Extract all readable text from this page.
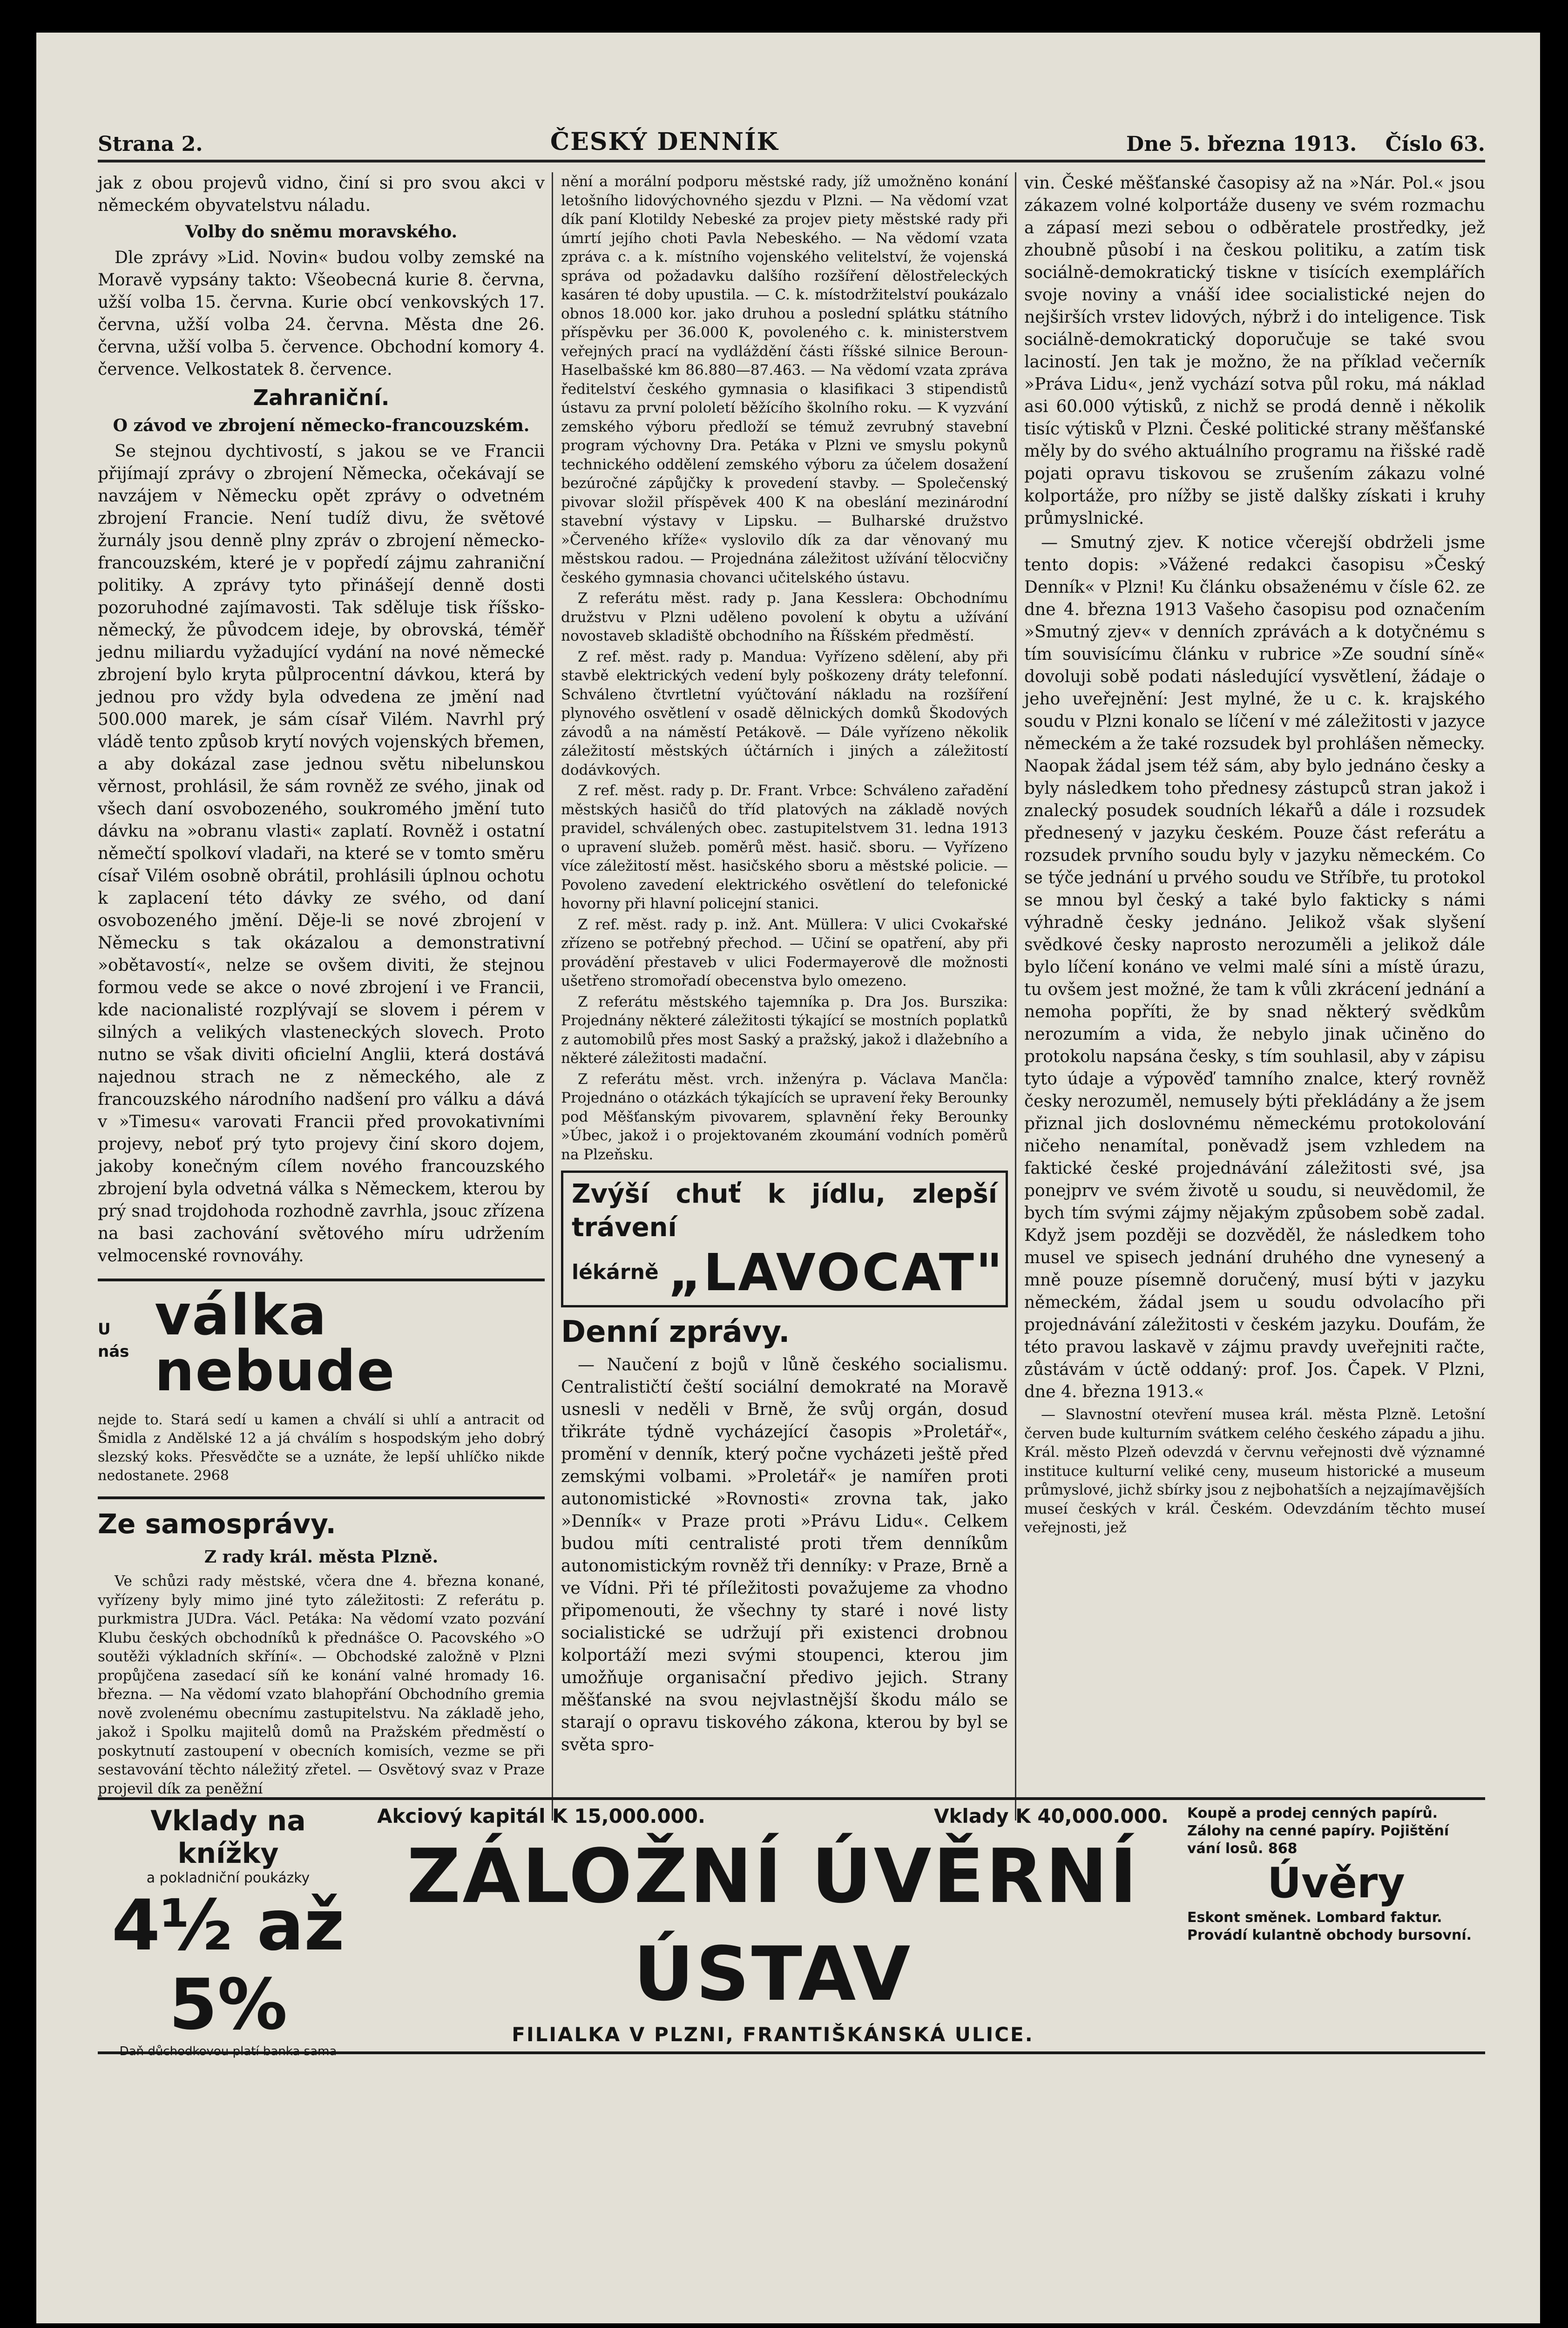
Strana 2.	ČESKÝ DENNÍK	Dne 5. března 1913. Číslo 63.

jak z obou projevů vidno, činí si pro svou akci v německém obyvatelstvu náladu.

Volby do sněmu moravského.

Dle zprávy »Lid. Novin« budou volby zemské na Moravě vypsány takto: Všeobecná kurie 8. června, užší volba 15. června. Kurie obcí venkovských 17. června, užší volba 24. června. Města dne 26. června, užší volba 5. července. Obchodní komory 4. července. Velkostatek 8. července.

Zahraniční.
O závod ve zbrojení německo-francouzském.

Se stejnou dychtivostí, s jakou se ve Francii přijímají zprávy o zbrojení Německa, očekávají se navzájem v Německu opět zprávy o odvetném zbrojení Francie. Není tudíž divu, že světové žurnály jsou denně plny zpráv o zbrojení německo-francouzském, které je v popředí zájmu zahraniční politiky. A zprávy tyto přinášejí denně dosti pozoruhodné zajímavosti. Tak sděluje tisk říšsko-německý, že původcem ideje, by obrovská, téměř jednu miliardu vyžadující vydání na nové německé zbrojení bylo kryta půlprocentní dávkou, která by jednou pro vždy byla odvedena ze jmění nad 500.000 marek, je sám císař Vilém. Navrhl prý vládě tento způsob krytí nových vojenských břemen, a aby dokázal zase jednou světu nibelunskou věrnost, prohlásil, že sám rovněž ze svého, jinak od všech daní osvobozeného, soukromého jmění tuto dávku na »obranu vlasti« zaplatí. Rovněž i ostatní němečtí spolkoví vladaři, na které se v tomto směru císař Vilém osobně obrátil, prohlásili úplnou ochotu k zaplacení této dávky ze svého, od daní osvobozeného jmění. Děje-li se nové zbrojení v Německu s tak okázalou a demonstrativní »obětavostí«, nelze se ovšem diviti, že stejnou formou vede se akce o nové zbrojení i ve Francii, kde nacionalisté rozplývají se slovem i pérem v silných a velikých vlasteneckých slovech. Proto nutno se však diviti oficielní Anglii, která dostává najednou strach ne z německého, ale z francouzského národního nadšení pro válku a dává v »Timesu« varovati Francii před provokativními projevy, neboť prý tyto projevy činí skoro dojem, jakoby konečným cílem nového francouzského zbrojení byla odvetná válka s Německem, kterou by prý snad trojdohoda rozhodně zavrhla, jsouc zřízena na basi zachování světového míru udržením velmocenské rovnováhy.

U nás
válka nebude

nejde to. Stará sedí u kamen a chválí si uhlí a antracit od Šmidla z Andělské 12 a já chválím s hospodským jeho dobrý slezský koks. Přesvědčte se a uznáte, že lepší uhlíčko nikde nedostanete. 2968

Ze samosprávy.
Z rady král. města Plzně.

Ve schůzi rady městské, včera dne 4. března konané, vyřízeny byly mimo jiné tyto záležitosti: Z referátu p. purkmistra JUDra. Václ. Petáka: Na vědomí vzato pozvání Klubu českých obchodníků k přednášce O. Pacovského »O soutěži výkladních skříní«. — Obchodské založně v Plzni propůjčena zasedací síň ke konání valné hromady 16. března. — Na vědomí vzato blahopřání Obchodního gremia nově zvolenému obecnímu zastupitelstvu. Na základě jeho, jakož i Spolku majitelů domů na Pražském předměstí o poskytnutí zastoupení v obecních komisích, vezme se při sestavování těchto náležitý zřetel. — Osvětový svaz v Praze projevil dík za peněžní

nění a morální podporu městské rady, jíž umožněno konání letošního lidovýchovného sjezdu v Plzni. — Na vědomí vzat dík paní Klotildy Nebeské za projev piety městské rady při úmrtí jejího choti Pavla Nebeského. — Na vědomí vzata zpráva c. a k. místního vojenského velitelství, že vojenská správa od požadavku dalšího rozšíření dělostřeleckých kasáren té doby upustila. — C. k. místodržitelství poukázalo obnos 18.000 kor. jako druhou a poslední splátku státního příspěvku per 36.000 K, povoleného c. k. ministerstvem veřejných prací na vydláždění části říšské silnice Beroun-Haselbašské km 86.880—87.463. — Na vědomí vzata zpráva ředitelství českého gymnasia o klasifikaci 3 stipendistů ústavu za první pololetí běžícího školního roku. — K vyzvání zemského výboru předloží se témuž zevrubný stavební program výchovny Dra. Petáka v Plzni ve smyslu pokynů technického oddělení zemského výboru za účelem dosažení bezúročné zápůjčky k provedení stavby. — Společenský pivovar složil příspěvek 400 K na obeslání mezinárodní stavební výstavy v Lipsku. — Bulharské družstvo »Červeného kříže« vyslovilo dík za dar věnovaný mu městskou radou. — Projednána záležitost užívání tělocvičny českého gymnasia chovanci učitelského ústavu.

Z referátu měst. rady p. Jana Kesslera: Obchodnímu družstvu v Plzni uděleno povolení k obytu a užívání novostaveb skladiště obchodního na Říšském předměstí.

Z ref. měst. rady p. Manduа: Vyřízeno sdělení, aby při stavbě elektrických vedení byly poškozeny dráty telefonní. Schváleno čtvrtletní vyúčtování nákladu na rozšíření plynového osvětlení v osadě dělnických domků Škodových závodů a na náměstí Petákově. — Dále vyřízeno několik záležitostí městských účtárních i jiných a záležitostí dodávkových.

Z ref. měst. rady p. Dr. Frant. Vrbce: Schváleno zařadění městských hasičů do tříd platových na základě nových pravidel, schválených obec. zastupitelstvem 31. ledna 1913 o upravení služeb. poměrů měst. hasič. sboru. — Vyřízeno více záležitostí měst. hasičského sboru a městské policie. — Povoleno zavedení elektrického osvětlení do telefonické hovorny při hlavní policejní stanici.

Z ref. měst. rady p. inž. Ant. Müllera: V ulici Cvokařské zřízeno se potřebný přechod. — Učiní se opatření, aby při provádění přestaveb v ulici Fodermayerově dle možnosti ušetřeno stromořadí obecenstva bylo omezeno.

Z referátu městského tajemníka p. Dra Jos. Burszika: Projednány některé záležitosti týkající se mostních poplatků z automobilů přes most Saský a pražský, jakož i dlažebního a některé záležitosti madační.

Z referátu měst. vrch. inženýra p. Václava Mančla: Projednáno o otázkách týkajících se upravení řeky Berounky pod Měšťanským pivovarem, splavnění řeky Berounky »Úbec, jakož i o projektovaném zkoumání vodních poměrů na Plzeňsku.

Zvýší chuť k jídlu, zlepší trávení
lékárně „LAVOCAT"
Denní zprávy.

— Naučení z bojů v lůně českého socialismu. Centralističtí čeští sociální demokraté na Moravě usnesli v neděli v Brně, že svůj orgán, dosud třikráte týdně vycházející časopis »Proletář«, promění v denník, který počne vycházeti ještě před zemskými volbami. »Proletář« je namířen proti autonomistické »Rovnosti« zrovna tak, jako »Denník« v Praze proti »Právu Lidu«. Celkem budou míti centralisté proti třem denníkům autonomistickým rovněž tři denníky: v Praze, Brně a ve Vídni. Při té příležitosti považujeme za vhodno připomenouti, že všechny ty staré i nové listy socialistické se udržují při existenci drobnou kolportáží mezi svými stoupenci, kterou jim umožňuje organisační předivo jejich. Strany měšťanské na svou nejvlastnější škodu málo se starají o opravu tiskového zákona, kterou by byl se světa spro-

vin. České měšťanské časopisy až na »Nár. Pol.« jsou zákazem volné kolportáže duseny ve svém rozmachu a zápasí mezi sebou o odběratele prostředky, jež zhoubně působí i na českou politiku, a zatím tisk sociálně-demokratický tiskne v tisících exemplářích svoje noviny a vnáší idee socialistické nejen do nejširších vrstev lidových, nýbrž i do inteligence. Tisk sociálně-demokratický doporučuje se také svou laciností. Jen tak je možno, že na příklad večerník »Práva Lidu«, jenž vychází sotva půl roku, má náklad asi 60.000 výtisků, z nichž se prodá denně i několik tisíc výtisků v Plzni. České politické strany měšťanské měly by do svého aktuálního programu na řišské radě pojati opravu tiskovou se zrušením zákazu volné kolportáže, pro nížby se jistě dalšky získati i kruhy průmyslnické.

— Smutný zjev. K notice včerejší obdrželi jsme tento dopis: »Vážené redakci časopisu »Český Denník« v Plzni! Ku článku obsaženému v čísle 62. ze dne 4. března 1913 Vašeho časopisu pod označením »Smutný zjev« v denních zprávách a k dotyčnému s tím souvisícímu článku v rubrice »Ze soudní síně« dovoluji sobě podati následující vysvětlení, žádaje o jeho uveřejnění: Jest mylné, že u c. k. krajského soudu v Plzni konalo se líčení v mé záležitosti v jazyce německém a že také rozsudek byl prohlášen německy. Naopak žádal jsem též sám, aby bylo jednáno česky a byly následkem toho přednesy zástupců stran jakož i znalecký posudek soudních lékařů a dále i rozsudek přednesený v jazyku českém. Pouze část referátu a rozsudek prvního soudu byly v jazyku německém. Co se týče jednání u prvého soudu ve Stříbře, tu protokol se mnou byl český a také bylo fakticky s námi výhradně česky jednáno. Jelikož však slyšení svědkové česky naprosto nerozuměli a jelikož dále bylo líčení konáno ve velmi malé síni a místě úrazu, tu ovšem jest možné, že tam k vůli zkrácení jednání a nemoha popříti, že by snad některý svědkům nerozumím a vida, že nebylo jinak učiněno do protokolu napsána česky, s tím souhlasil, aby v zápisu tyto údaje a výpověď tamního znalce, který rovněž česky nerozuměl, nemusely býti překládány a že jsem přiznal jich doslovnému německému protokolování ničeho nenamítal, poněvadž jsem vzhledem na faktické české projednávání záležitosti své, jsa ponejprv ve svém životě u soudu, si neuvědomil, že bych tím svými zájmy nějakým způsobem sobě zadal. Když jsem později se dozvěděl, že následkem toho musel ve spisech jednání druhého dne vynesený a mně pouze písemně doručený, musí býti v jazyku německém, žádal jsem u soudu odvolacího při projednávání záležitosti v českém jazyku. Doufám, že této pravou laskavě v zájmu pravdy uveřejniti račte, zůstávám v úctě oddaný: prof. Jos. Čapek. V Plzni, dne 4. března 1913.«

— Slavnostní otevření musea král. města Plzně. Letošní červen bude kulturním svátkem celého českého západu a jihu. Král. město Plzeň odevzdá v červnu veřejnosti dvě významné instituce kulturní veliké ceny, museum historické a museum průmyslové, jichž sbírky jsou z nejbohatších a nejzajímavějších museí českých v král. Českém. Odevzdáním těchto museí veřejnosti, jež

Vklady na knížky
a pokladniční poukázky
4½ až 5%
Daň důchodkovou platí banka sama
Akciový kapitál K 15,000.000.	Vklady K 40,000.000.
ZÁLOŽNÍ ÚVĚRNÍ ÚSTAV
FILIALKA V PLZNI, FRANTIŠKÁNSKÁ ULICE.
Koupě a prodej cenných papírů. Zálohy na cenné papíry. Pojištění vání losů. 868
Úvěry
Eskont směnek. Lombard faktur. Provádí kulantně obchody bursovní.
